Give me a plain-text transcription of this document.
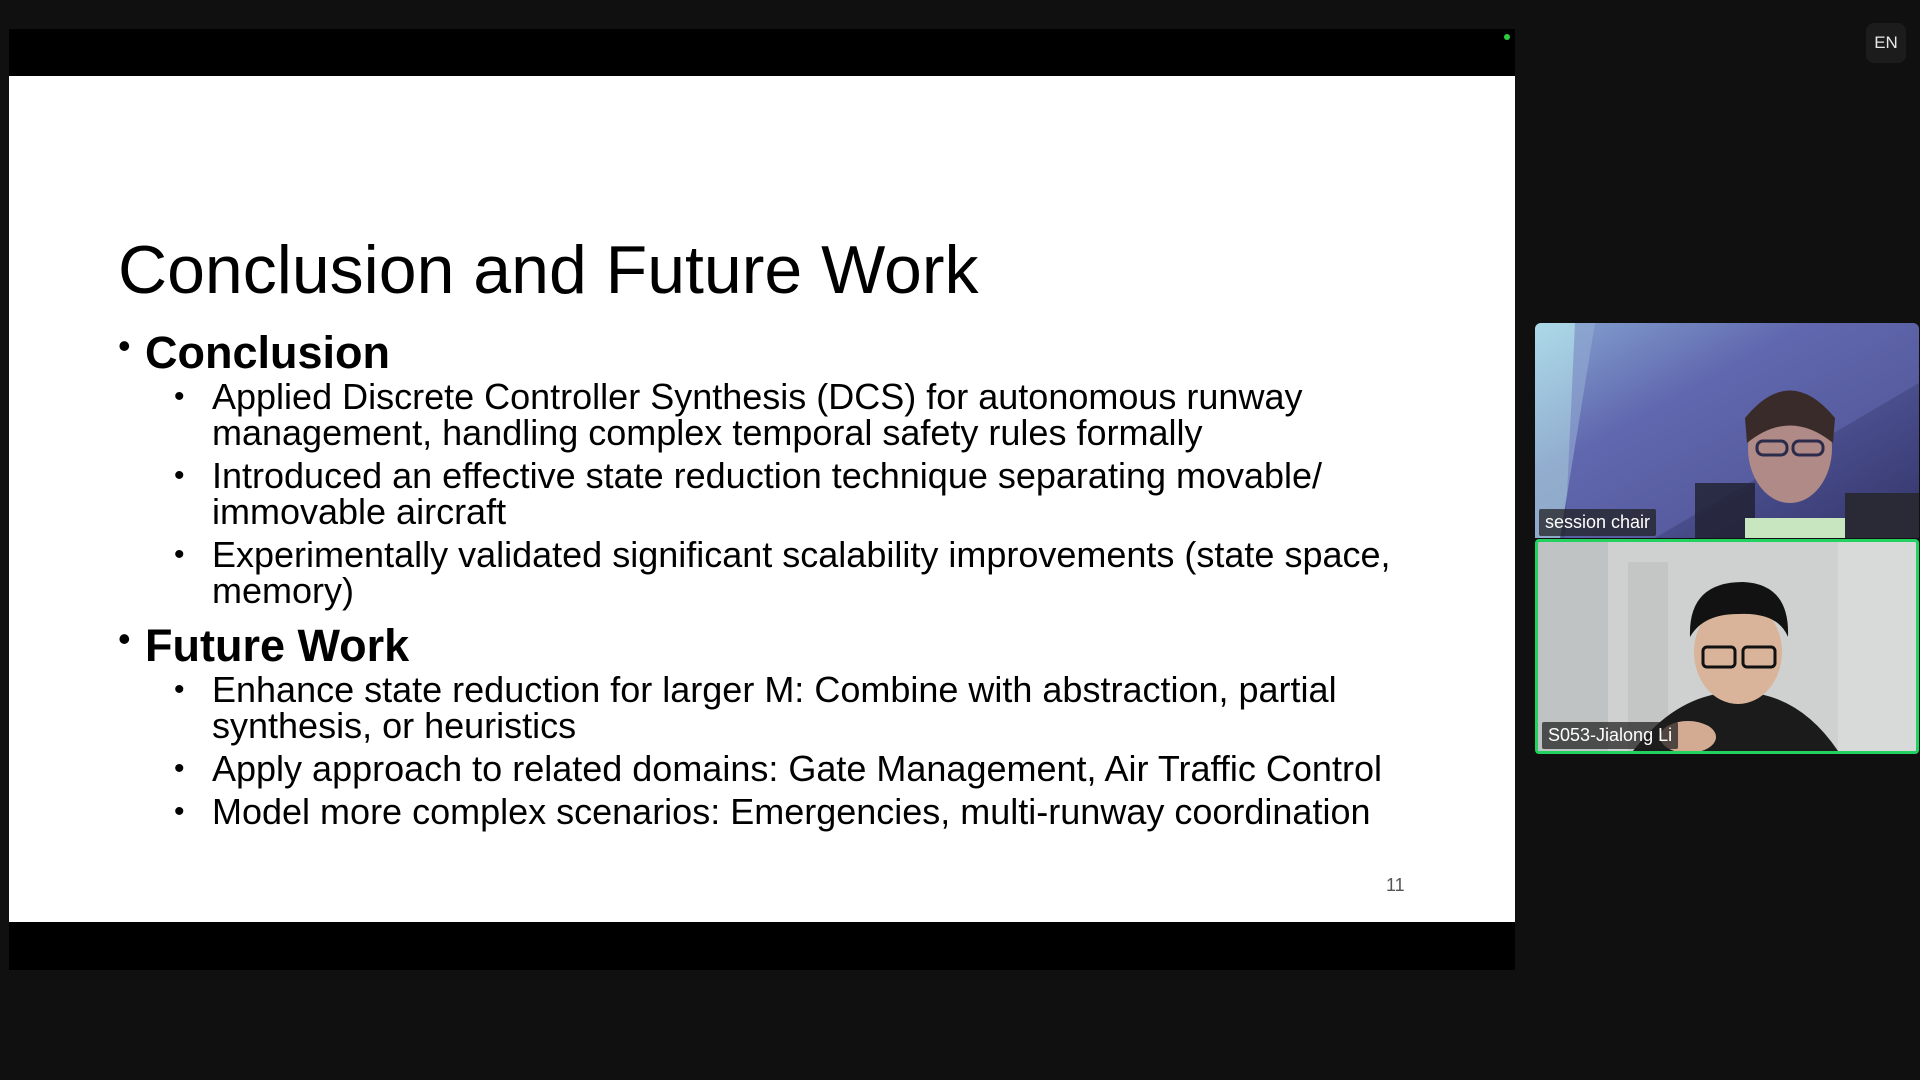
Conclusion and Future Work
• Conclusion
• Applied Discrete Controller Synthesis (DCS) for autonomous runway management, handling complex temporal safety rules formally
• Introduced an effective state reduction technique separating movable/ immovable aircraft
• Experimentally validated significant scalability improvements (state space, memory)
• Future Work
• Enhance state reduction for larger M: Combine with abstraction, partial synthesis, or heuristics
• Apply approach to related domains: Gate Management, Air Traffic Control
• Model more complex scenarios: Emergencies, multi-runway coordination
11
EN
session chair
S053-Jialong Li
